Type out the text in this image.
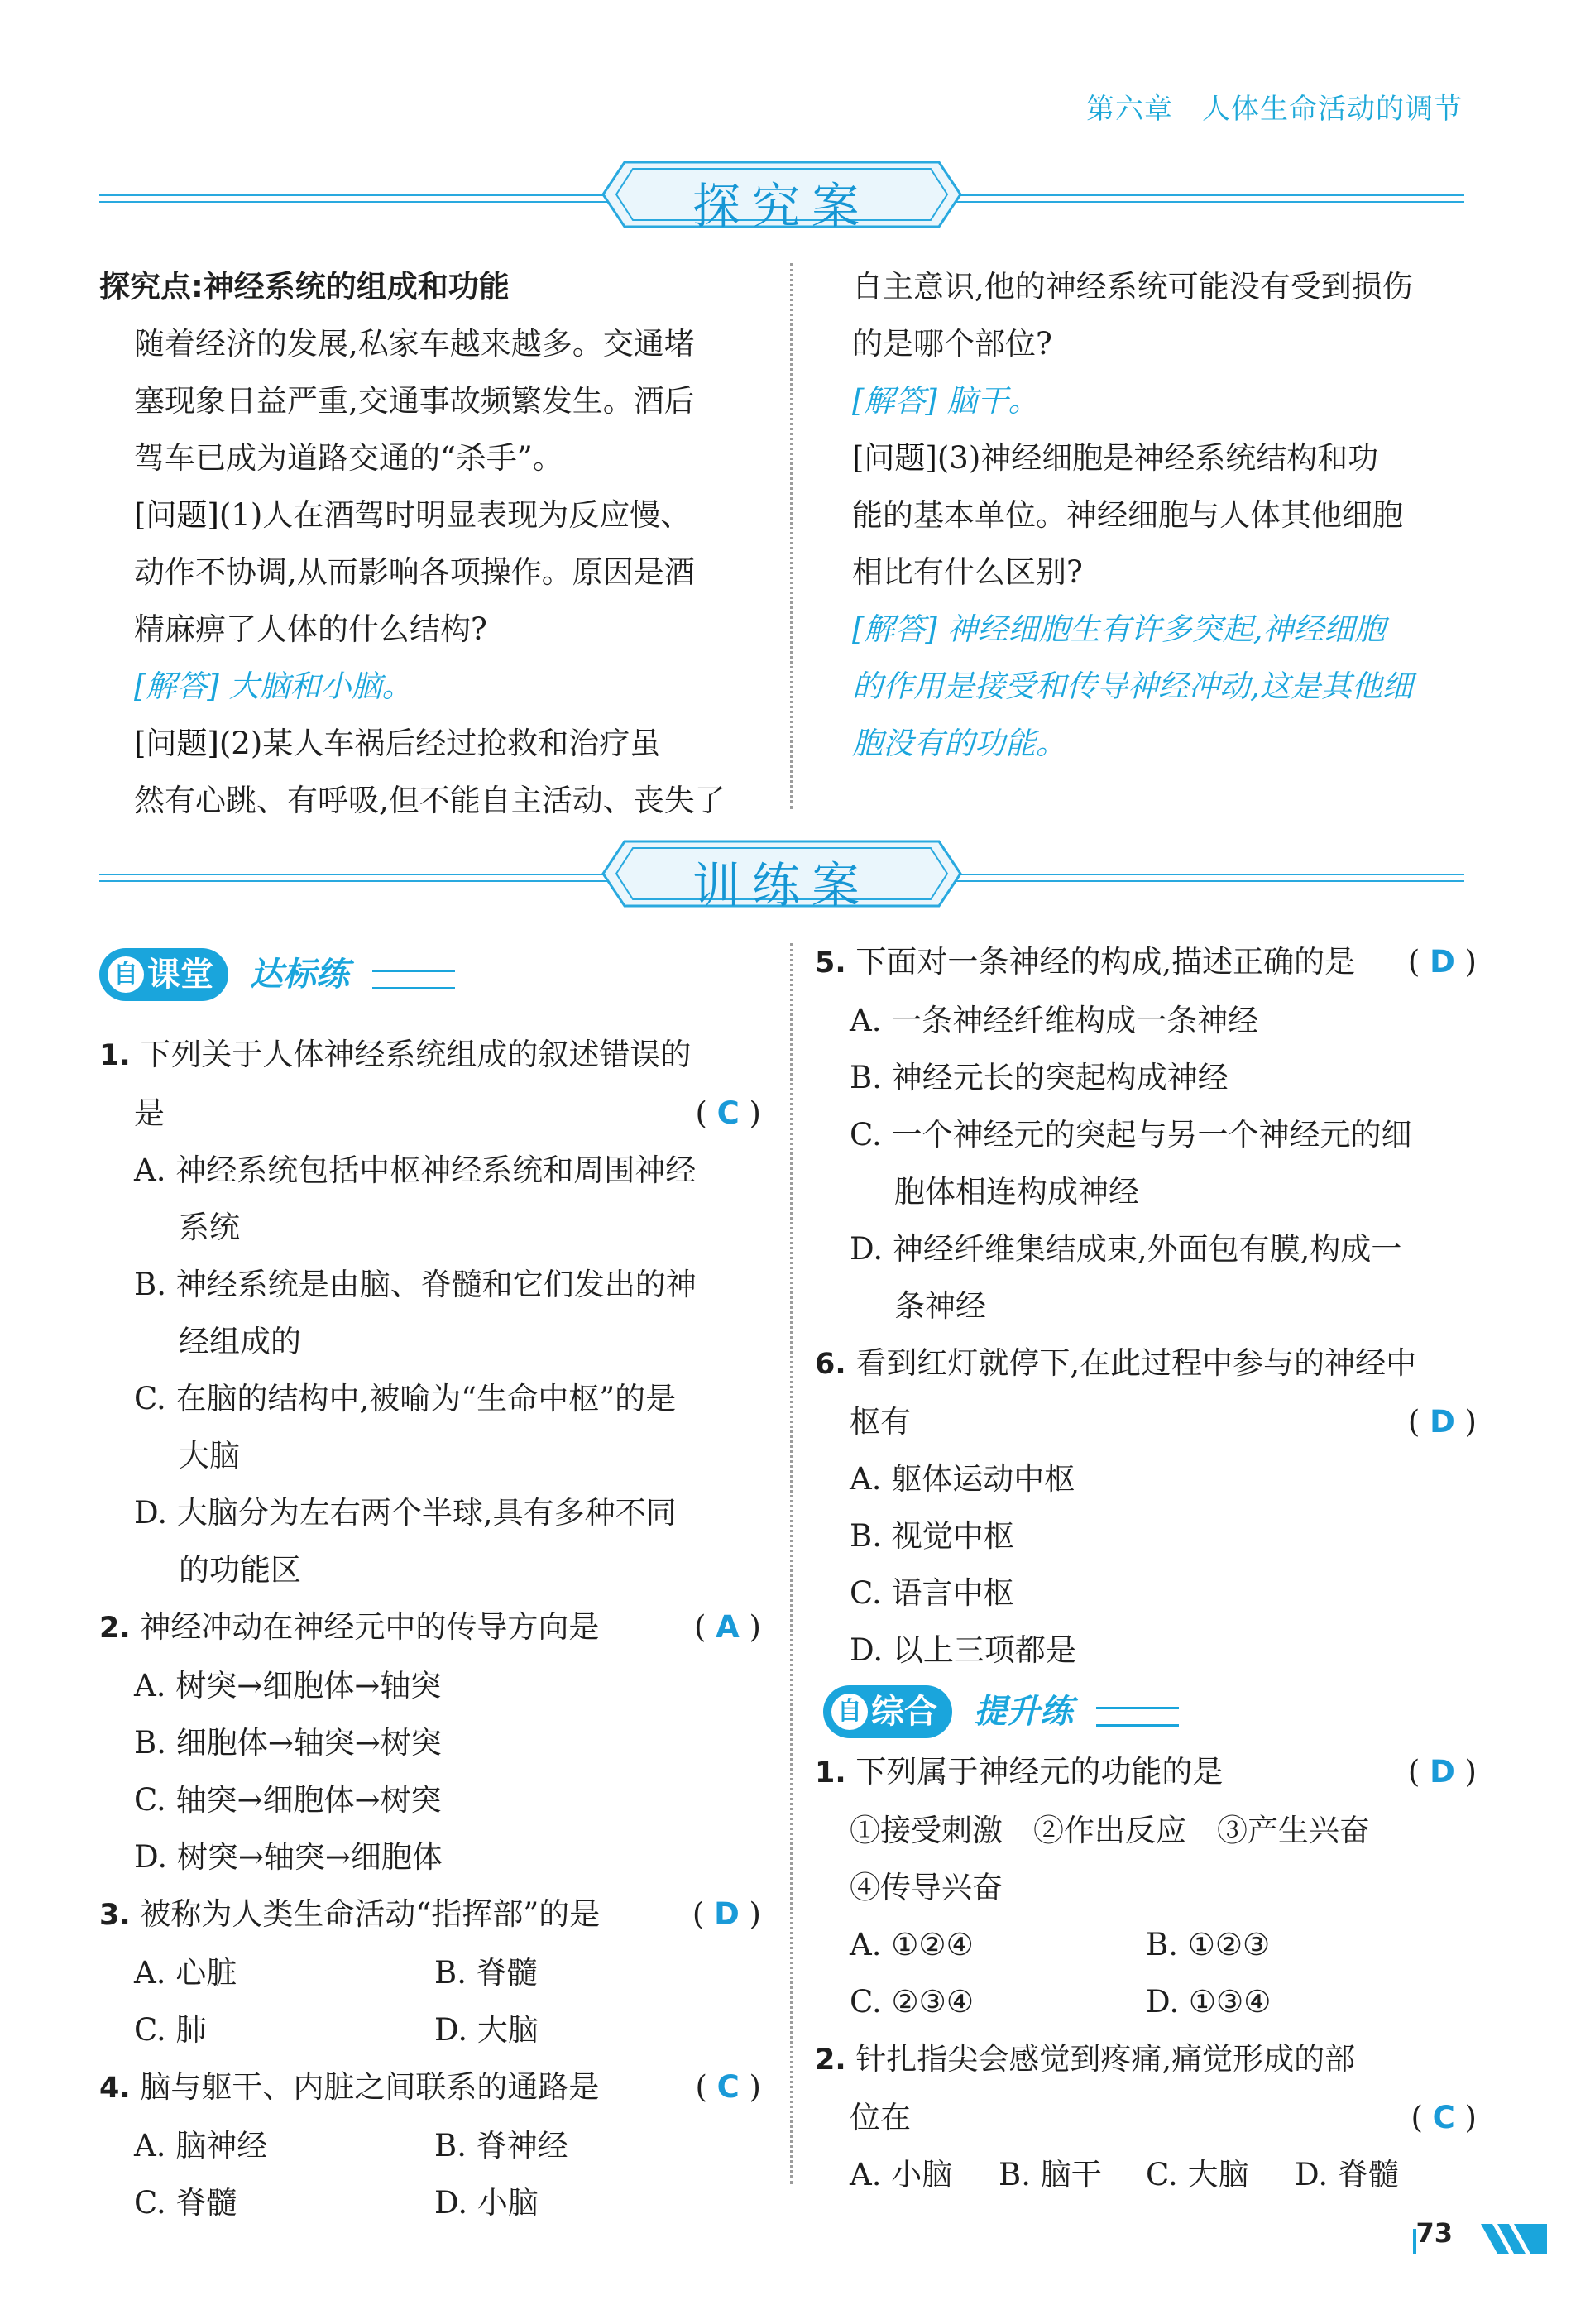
第六章　人体生命活动的调节
探究案
探究点:神经系统的组成和功能
随着经济的发展,私家车越来越多。交通堵
塞现象日益严重,交通事故频繁发生。酒后
驾车已成为道路交通的“杀手”。
[问题](1)人在酒驾时明显表现为反应慢、
动作不协调,从而影响各项操作。原因是酒
精麻痹了人体的什么结构?
[解答] 大脑和小脑。
[问题](2)某人车祸后经过抢救和治疗虽
然有心跳、有呼吸,但不能自主活动、丧失了
自主意识,他的神经系统可能没有受到损伤
的是哪个部位?
[解答] 脑干。
[问题](3)神经细胞是神经系统结构和功
能的基本单位。神经细胞与人体其他细胞
相比有什么区别?
[解答] 神经细胞生有许多突起,神经细胞
的作用是接受和传导神经冲动,这是其他细
胞没有的功能。
训练案
课堂
自	达标练
1. 下列关于人体神经系统组成的叙述错误的
是	( C )
A. 神经系统包括中枢神经系统和周围神经
系统
B. 神经系统是由脑、脊髓和它们发出的神
经组成的
C. 在脑的结构中,被喻为“生命中枢”的是
大脑
D. 大脑分为左右两个半球,具有多种不同
的功能区
2. 神经冲动在神经元中的传导方向是	( A )
A. 树突→细胞体→轴突
B. 细胞体→轴突→树突
C. 轴突→细胞体→树突
D. 树突→轴突→细胞体
3. 被称为人类生命活动“指挥部”的是	( D )
A. 心脏	B. 脊髓
C. 肺	D. 大脑
4. 脑与躯干、内脏之间联系的通路是	( C )
A. 脑神经	B. 脊神经
C. 脊髓	D. 小脑
5. 下面对一条神经的构成,描述正确的是 ( D )
A. 一条神经纤维构成一条神经
B. 神经元长的突起构成神经
C. 一个神经元的突起与另一个神经元的细
胞体相连构成神经
D. 神经纤维集结成束,外面包有膜,构成一
条神经
6. 看到红灯就停下,在此过程中参与的神经中
枢有	( D )
A. 躯体运动中枢
B. 视觉中枢
C. 语言中枢
D. 以上三项都是
综合
自	提升练
1. 下列属于神经元的功能的是	( D )
①接受刺激　②作出反应　③产生兴奋
④传导兴奋
A. ①②④	B. ①②③
C. ②③④	D. ①③④
2. 针扎指尖会感觉到疼痛,痛觉形成的部
位在	( C )
A. 小脑 B. 脑干 C. 大脑 D. 脊髓
73
